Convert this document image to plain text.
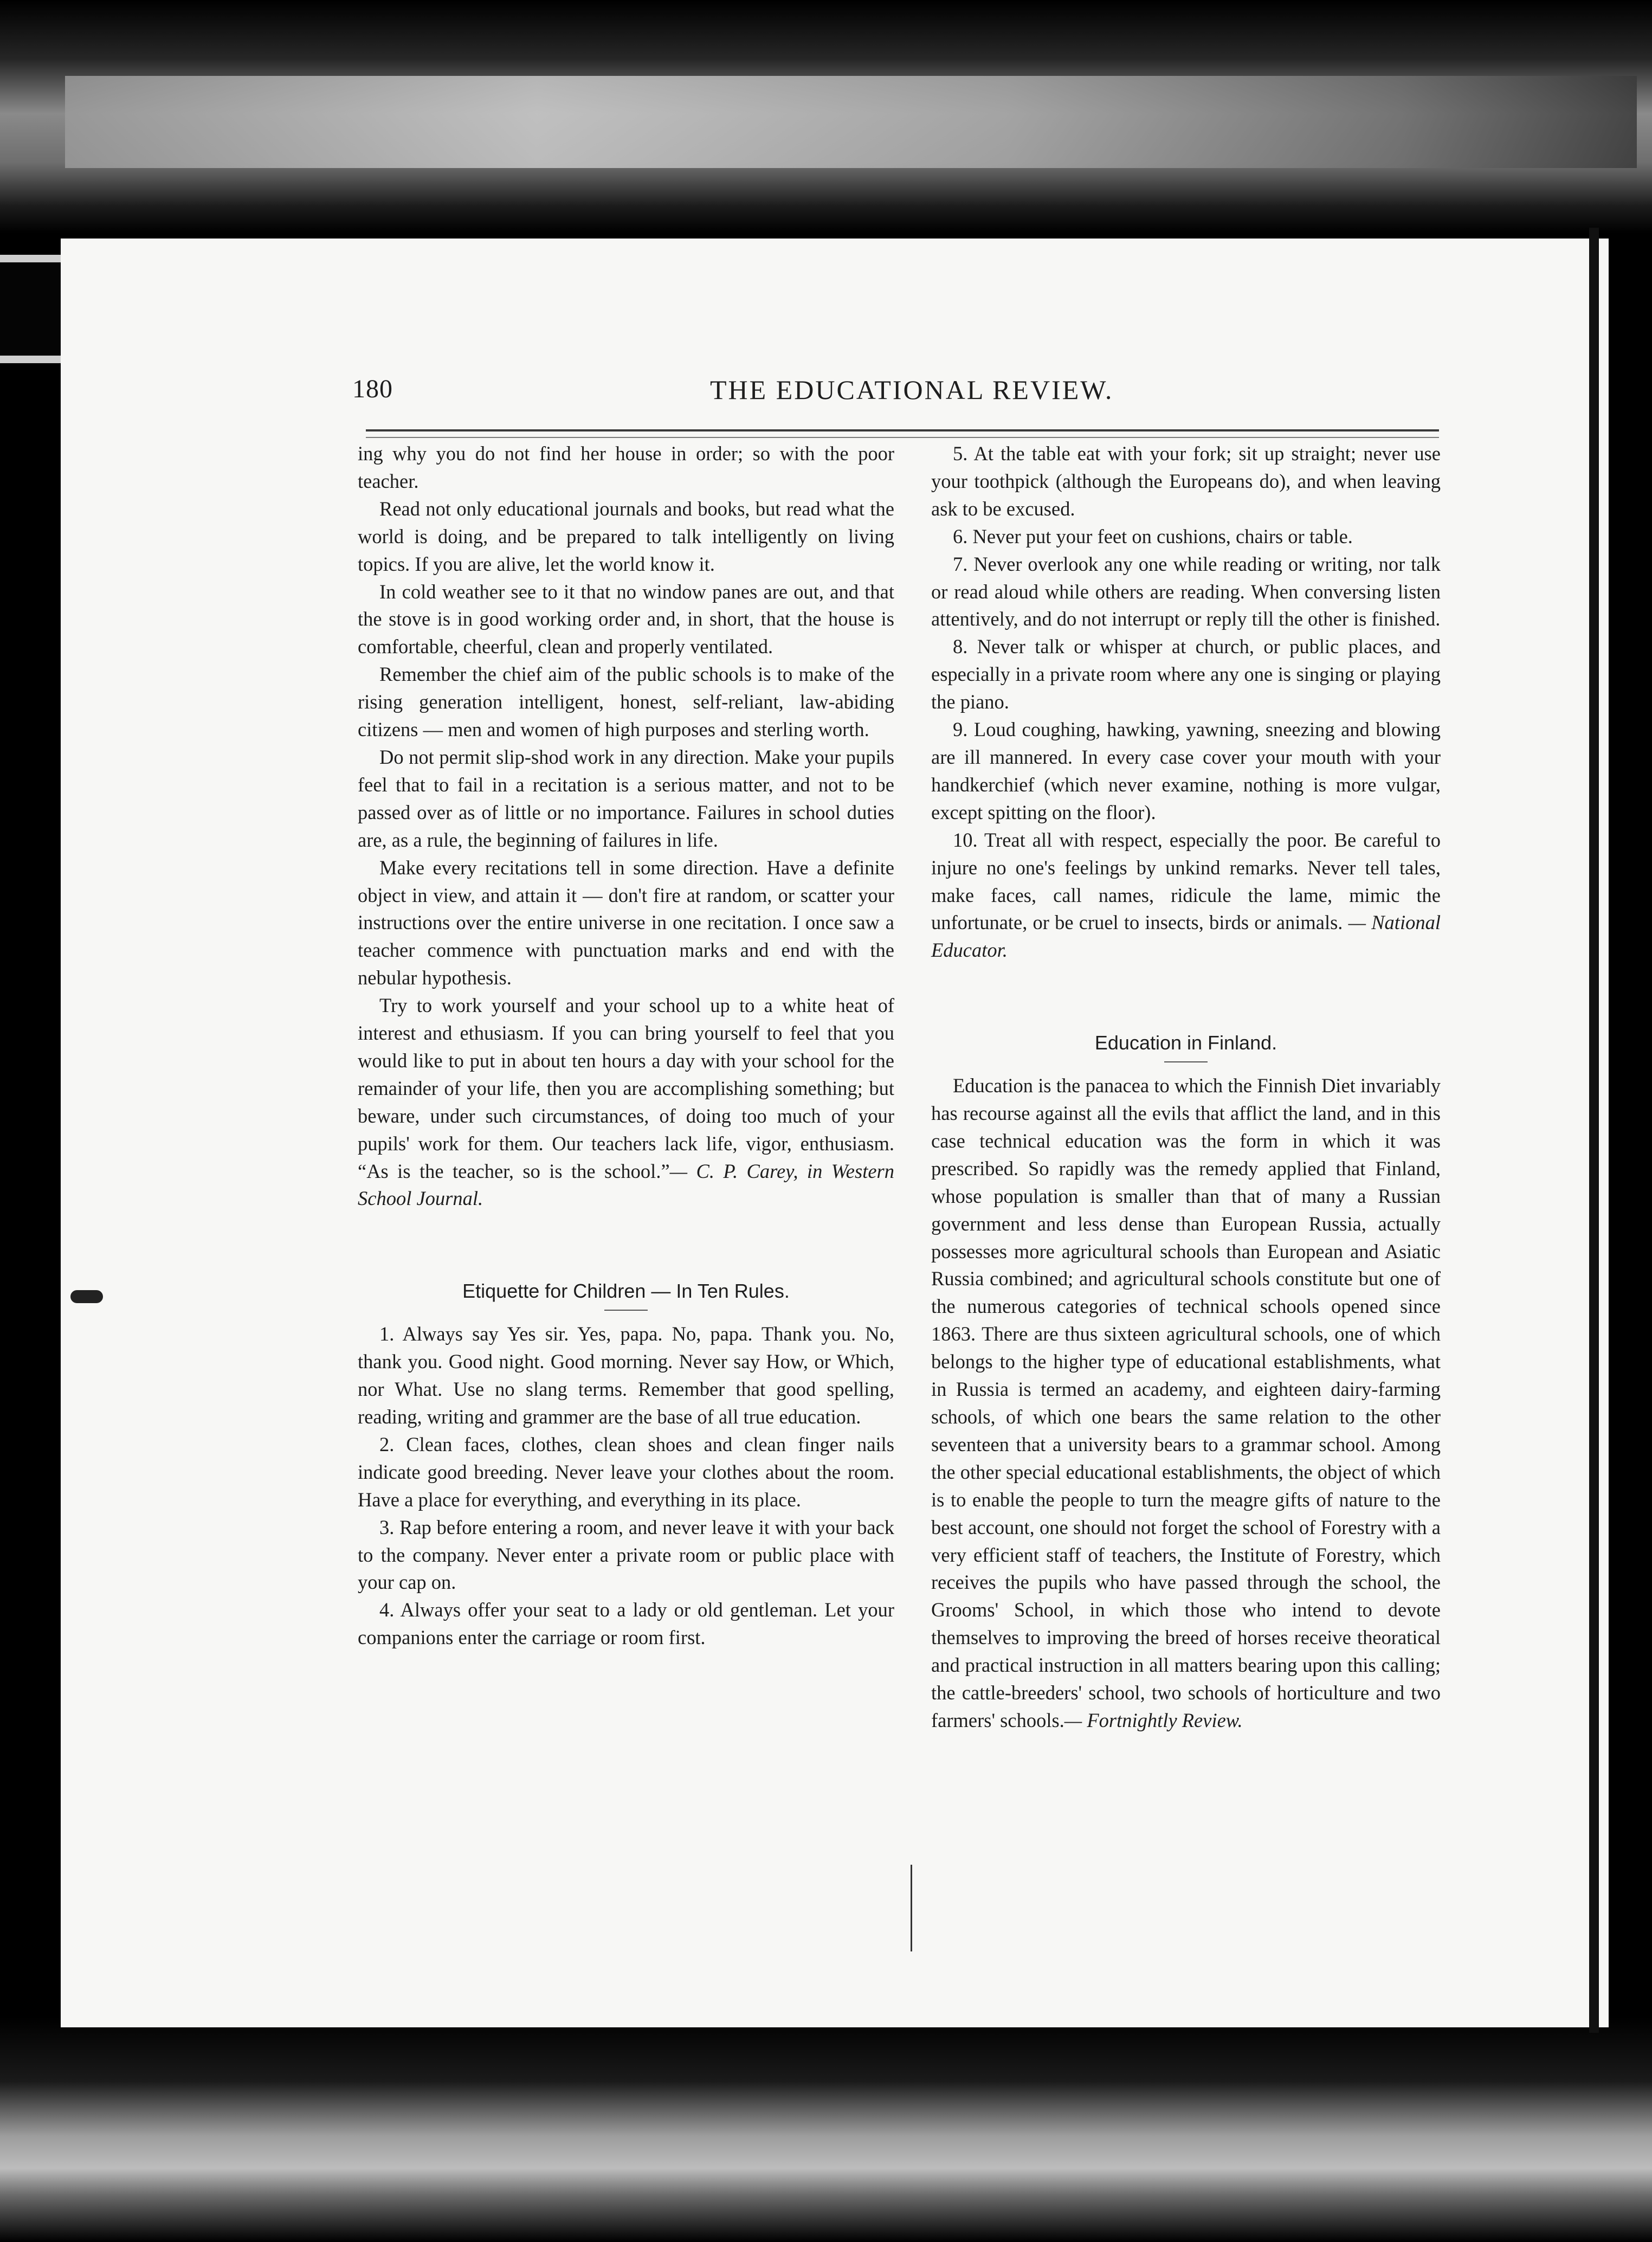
180	THE EDUCATIONAL REVIEW.

ing why you do not find her house in order; so with the poor teacher.

Read not only educational journals and books, but read what the world is doing, and be prepared to talk intelligently on living topics. If you are alive, let the world know it.

In cold weather see to it that no window panes are out, and that the stove is in good working order and, in short, that the house is comfortable, cheerful, clean and properly ventilated.

Remember the chief aim of the public schools is to make of the rising generation intelligent, honest, self-reliant, law-abiding citizens — men and women of high purposes and sterling worth.

Do not permit slip-shod work in any direction. Make your pupils feel that to fail in a recitation is a serious matter, and not to be passed over as of little or no importance. Failures in school duties are, as a rule, the beginning of failures in life.

Make every recitations tell in some direction. Have a definite object in view, and attain it — don't fire at random, or scatter your instructions over the entire universe in one recitation. I once saw a teacher commence with punctuation marks and end with the nebular hypothesis.

Try to work yourself and your school up to a white heat of interest and ethusiasm. If you can bring yourself to feel that you would like to put in about ten hours a day with your school for the remainder of your life, then you are accomplishing something; but beware, under such circumstances, of doing too much of your pupils' work for them. Our teachers lack life, vigor, enthusiasm. “As is the teacher, so is the school.”— C. P. Carey, in Western School Journal.

Etiquette for Children — In Ten Rules.

1. Always say Yes sir. Yes, papa. No, papa. Thank you. No, thank you. Good night. Good morning. Never say How, or Which, nor What. Use no slang terms. Remember that good spelling, reading, writing and grammer are the base of all true education.

2. Clean faces, clothes, clean shoes and clean finger nails indicate good breeding. Never leave your clothes about the room. Have a place for everything, and everything in its place.

3. Rap before entering a room, and never leave it with your back to the company. Never enter a private room or public place with your cap on.

4. Always offer your seat to a lady or old gentleman. Let your companions enter the carriage or room first.

5. At the table eat with your fork; sit up straight; never use your toothpick (although the Europeans do), and when leaving ask to be excused.

6. Never put your feet on cushions, chairs or table.

7. Never overlook any one while reading or writing, nor talk or read aloud while others are reading. When conversing listen attentively, and do not interrupt or reply till the other is finished.

8. Never talk or whisper at church, or public places, and especially in a private room where any one is singing or playing the piano.

9. Loud coughing, hawking, yawning, sneezing and blowing are ill mannered. In every case cover your mouth with your handkerchief (which never examine, nothing is more vulgar, except spitting on the floor).

10. Treat all with respect, especially the poor. Be careful to injure no one's feelings by unkind remarks. Never tell tales, make faces, call names, ridicule the lame, mimic the unfortunate, or be cruel to insects, birds or animals. — National Educator.

Education in Finland.

Education is the panacea to which the Finnish Diet invariably has recourse against all the evils that afflict the land, and in this case technical education was the form in which it was prescribed. So rapidly was the remedy applied that Finland, whose population is smaller than that of many a Russian government and less dense than European Russia, actually possesses more agricultural schools than European and Asiatic Russia combined; and agricultural schools constitute but one of the numerous categories of technical schools opened since 1863. There are thus sixteen agricultural schools, one of which belongs to the higher type of educational establishments, what in Russia is termed an academy, and eighteen dairy-farming schools, of which one bears the same relation to the other seventeen that a university bears to a grammar school. Among the other special educational establishments, the object of which is to enable the people to turn the meagre gifts of nature to the best account, one should not forget the school of Forestry with a very efficient staff of teachers, the Institute of Forestry, which receives the pupils who have passed through the school, the Grooms' School, in which those who intend to devote themselves to improving the breed of horses receive theoratical and practical instruction in all matters bearing upon this calling; the cattle-breeders' school, two schools of horticulture and two farmers' schools.— Fortnightly Review.
